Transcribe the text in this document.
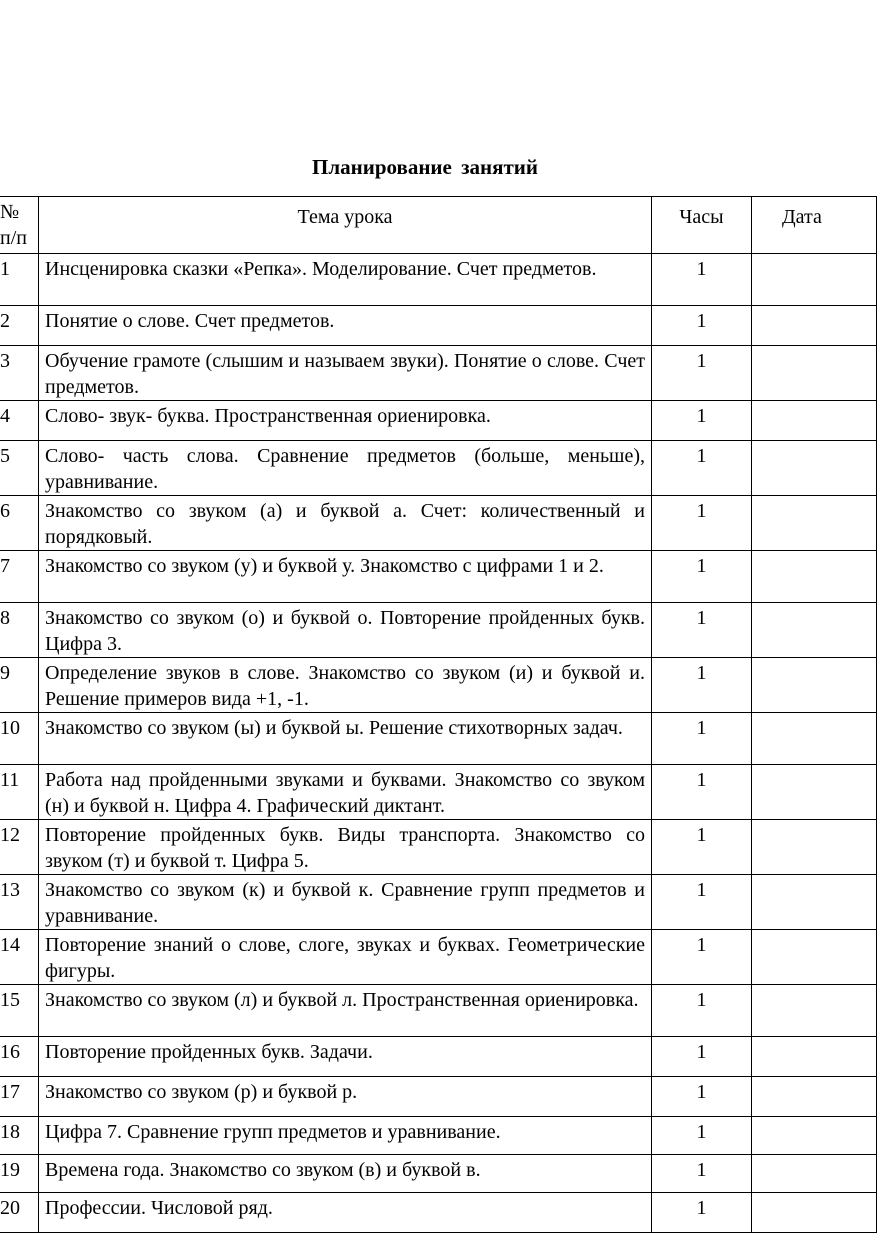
Планирование занятий
№ п/п	Тема урока	Часы	Дата
1	Инсценировка сказки «Репка». Моделирование. Счет предметов.	1	
2	Понятие о слове. Счет предметов.	1	
3	Обучение грамоте (слышим и называем звуки). Понятие о слове. Счет предметов.	1	
4	Слово- звук- буква. Пространственная ориенировка.	1	
5	Слово- часть слова. Сравнение предметов (больше, меньше), уравнивание.	1	
6	Знакомство со звуком (а) и буквой а. Счет: количественный и порядковый.	1	
7	Знакомство со звуком (у) и буквой у. Знакомство с цифрами 1 и 2.	1	
8	Знакомство со звуком (о) и буквой о. Повторение пройденных букв. Цифра 3.	1	
9	Определение звуков в слове. Знакомство со звуком (и) и буквой и. Решение примеров вида +1, -1.	1	
10	Знакомство со звуком (ы) и буквой ы. Решение стихотворных задач.	1	
11	Работа над пройденными звуками и буквами. Знакомство со звуком (н) и буквой н. Цифра 4. Графический диктант.	1	
12	Повторение пройденных букв. Виды транспорта. Знакомство со звуком (т) и буквой т. Цифра 5.	1	
13	Знакомство со звуком (к) и буквой к. Сравнение групп предметов и уравнивание.	1	
14	Повторение знаний о слове, слоге, звуках и буквах. Геометрические фигуры.	1	
15	Знакомство со звуком (л) и буквой л. Пространственная ориенировка.	1	
16	Повторение пройденных букв. Задачи.	1	
17	Знакомство со звуком (р) и буквой р.	1	
18	Цифра 7. Сравнение групп предметов и уравнивание.	1	
19	Времена года. Знакомство со звуком (в) и буквой в.	1	
20	Профессии. Числовой ряд.	1	
